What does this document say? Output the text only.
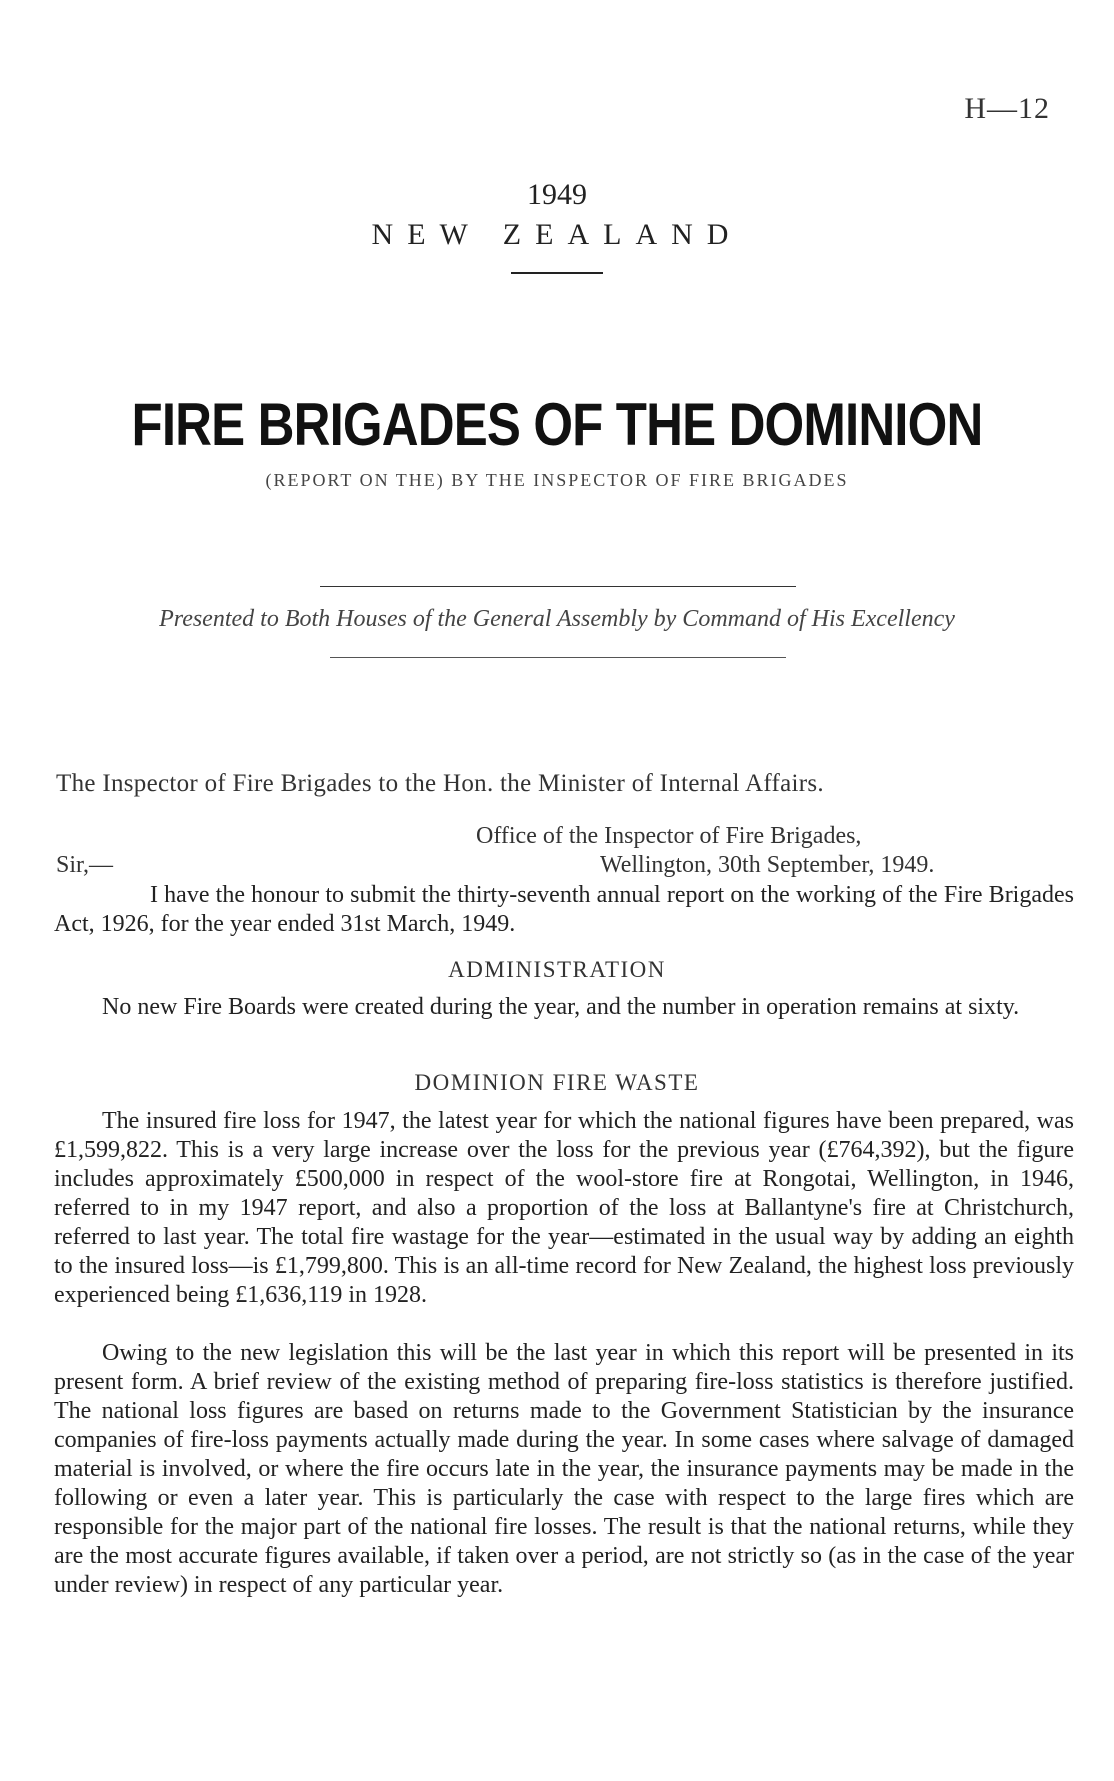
H—12
1949
NEW ZEALAND
FIRE BRIGADES OF THE DOMINION
(REPORT ON THE) BY THE INSPECTOR OF FIRE BRIGADES
Presented to Both Houses of the General Assembly by Command of His Excellency
The Inspector of Fire Brigades to the Hon. the Minister of Internal Affairs.
Office of the Inspector of Fire Brigades,
Sir,—	Wellington, 30th September, 1949.

I have the honour to submit the thirty-seventh annual report on the working of the Fire Brigades Act, 1926, for the year ended 31st March, 1949.

ADMINISTRATION

No new Fire Boards were created during the year, and the number in operation remains at sixty.

DOMINION FIRE WASTE

The insured fire loss for 1947, the latest year for which the national figures have been prepared, was £1,599,822. This is a very large increase over the loss for the previous year (£764,392), but the figure includes approximately £500,000 in respect of the wool-store fire at Rongotai, Wellington, in 1946, referred to in my 1947 report, and also a proportion of the loss at Ballantyne's fire at Christchurch, referred to last year. The total fire wastage for the year—estimated in the usual way by adding an eighth to the insured loss—is £1,799,800. This is an all-time record for New Zealand, the highest loss previously experienced being £1,636,119 in 1928.

Owing to the new legislation this will be the last year in which this report will be presented in its present form. A brief review of the existing method of preparing fire-loss statistics is therefore justified. The national loss figures are based on returns made to the Government Statistician by the insurance companies of fire-loss payments actually made during the year. In some cases where salvage of damaged material is involved, or where the fire occurs late in the year, the insurance payments may be made in the following or even a later year. This is particularly the case with respect to the large fires which are responsible for the major part of the national fire losses. The result is that the national returns, while they are the most accurate figures available, if taken over a period, are not strictly so (as in the case of the year under review) in respect of any particular year.
